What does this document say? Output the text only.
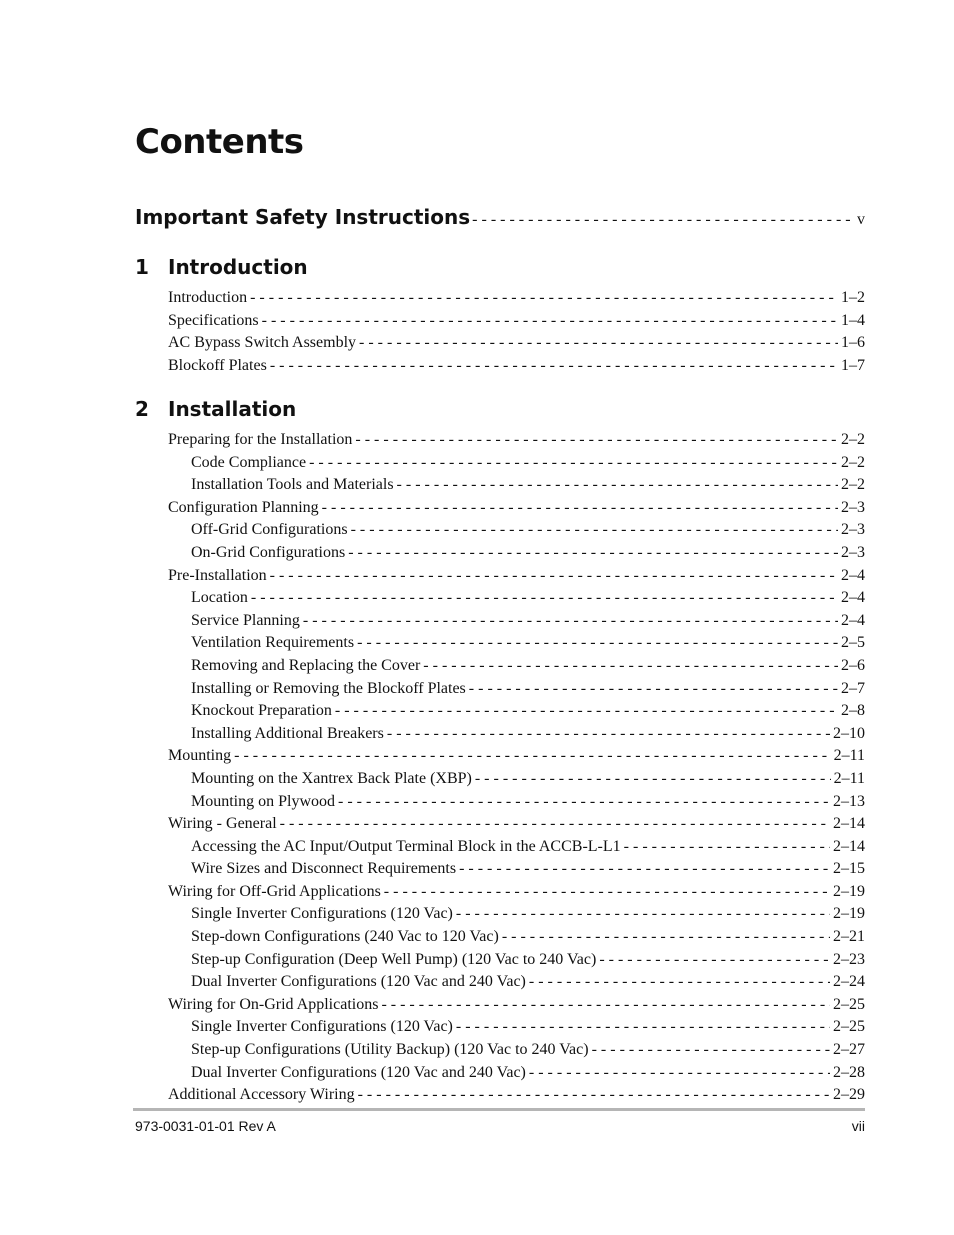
Contents
Important Safety Instructions - - -	v
1 Introduction
Introduction - - -	1–2
Specifications - - -	1–4
AC Bypass Switch Assembly - - -	1–6
Blockoff Plates - - -	1–7
2 Installation
Preparing for the Installation - - -	2–2
Code Compliance - - -	2–2
Installation Tools and Materials - - -	2–2
Configuration Planning - - -	2–3
Off-Grid Configurations - - -	2–3
On-Grid Configurations - - -	2–3
Pre-Installation - - -	2–4
Location - - -	2–4
Service Planning - - -	2–4
Ventilation Requirements - - -	2–5
Removing and Replacing the Cover - - -	2–6
Installing or Removing the Blockoff Plates - - -	2–7
Knockout Preparation - - -	2–8
Installing Additional Breakers - - -	2–10
Mounting - - -	2–11
Mounting on the Xantrex Back Plate (XBP) - - -	2–11
Mounting on Plywood - - -	2–13
Wiring - General - - -	2–14
Accessing the AC Input/Output Terminal Block in the ACCB-L-L1 - - -	2–14
Wire Sizes and Disconnect Requirements - - -	2–15
Wiring for Off-Grid Applications - - -	2–19
Single Inverter Configurations (120 Vac) - - -	2–19
Step-down Configurations (240 Vac to 120 Vac) - - -	2–21
Step-up Configuration (Deep Well Pump) (120 Vac to 240 Vac) - - -	2–23
Dual Inverter Configurations (120 Vac and 240 Vac) - - -	2–24
Wiring for On-Grid Applications - - -	2–25
Single Inverter Configurations (120 Vac) - - -	2–25
Step-up Configurations (Utility Backup) (120 Vac to 240 Vac) - - -	2–27
Dual Inverter Configurations (120 Vac and 240 Vac) - - -	2–28
Additional Accessory Wiring - - -	2–29
973-0031-01-01 Rev A	vii
